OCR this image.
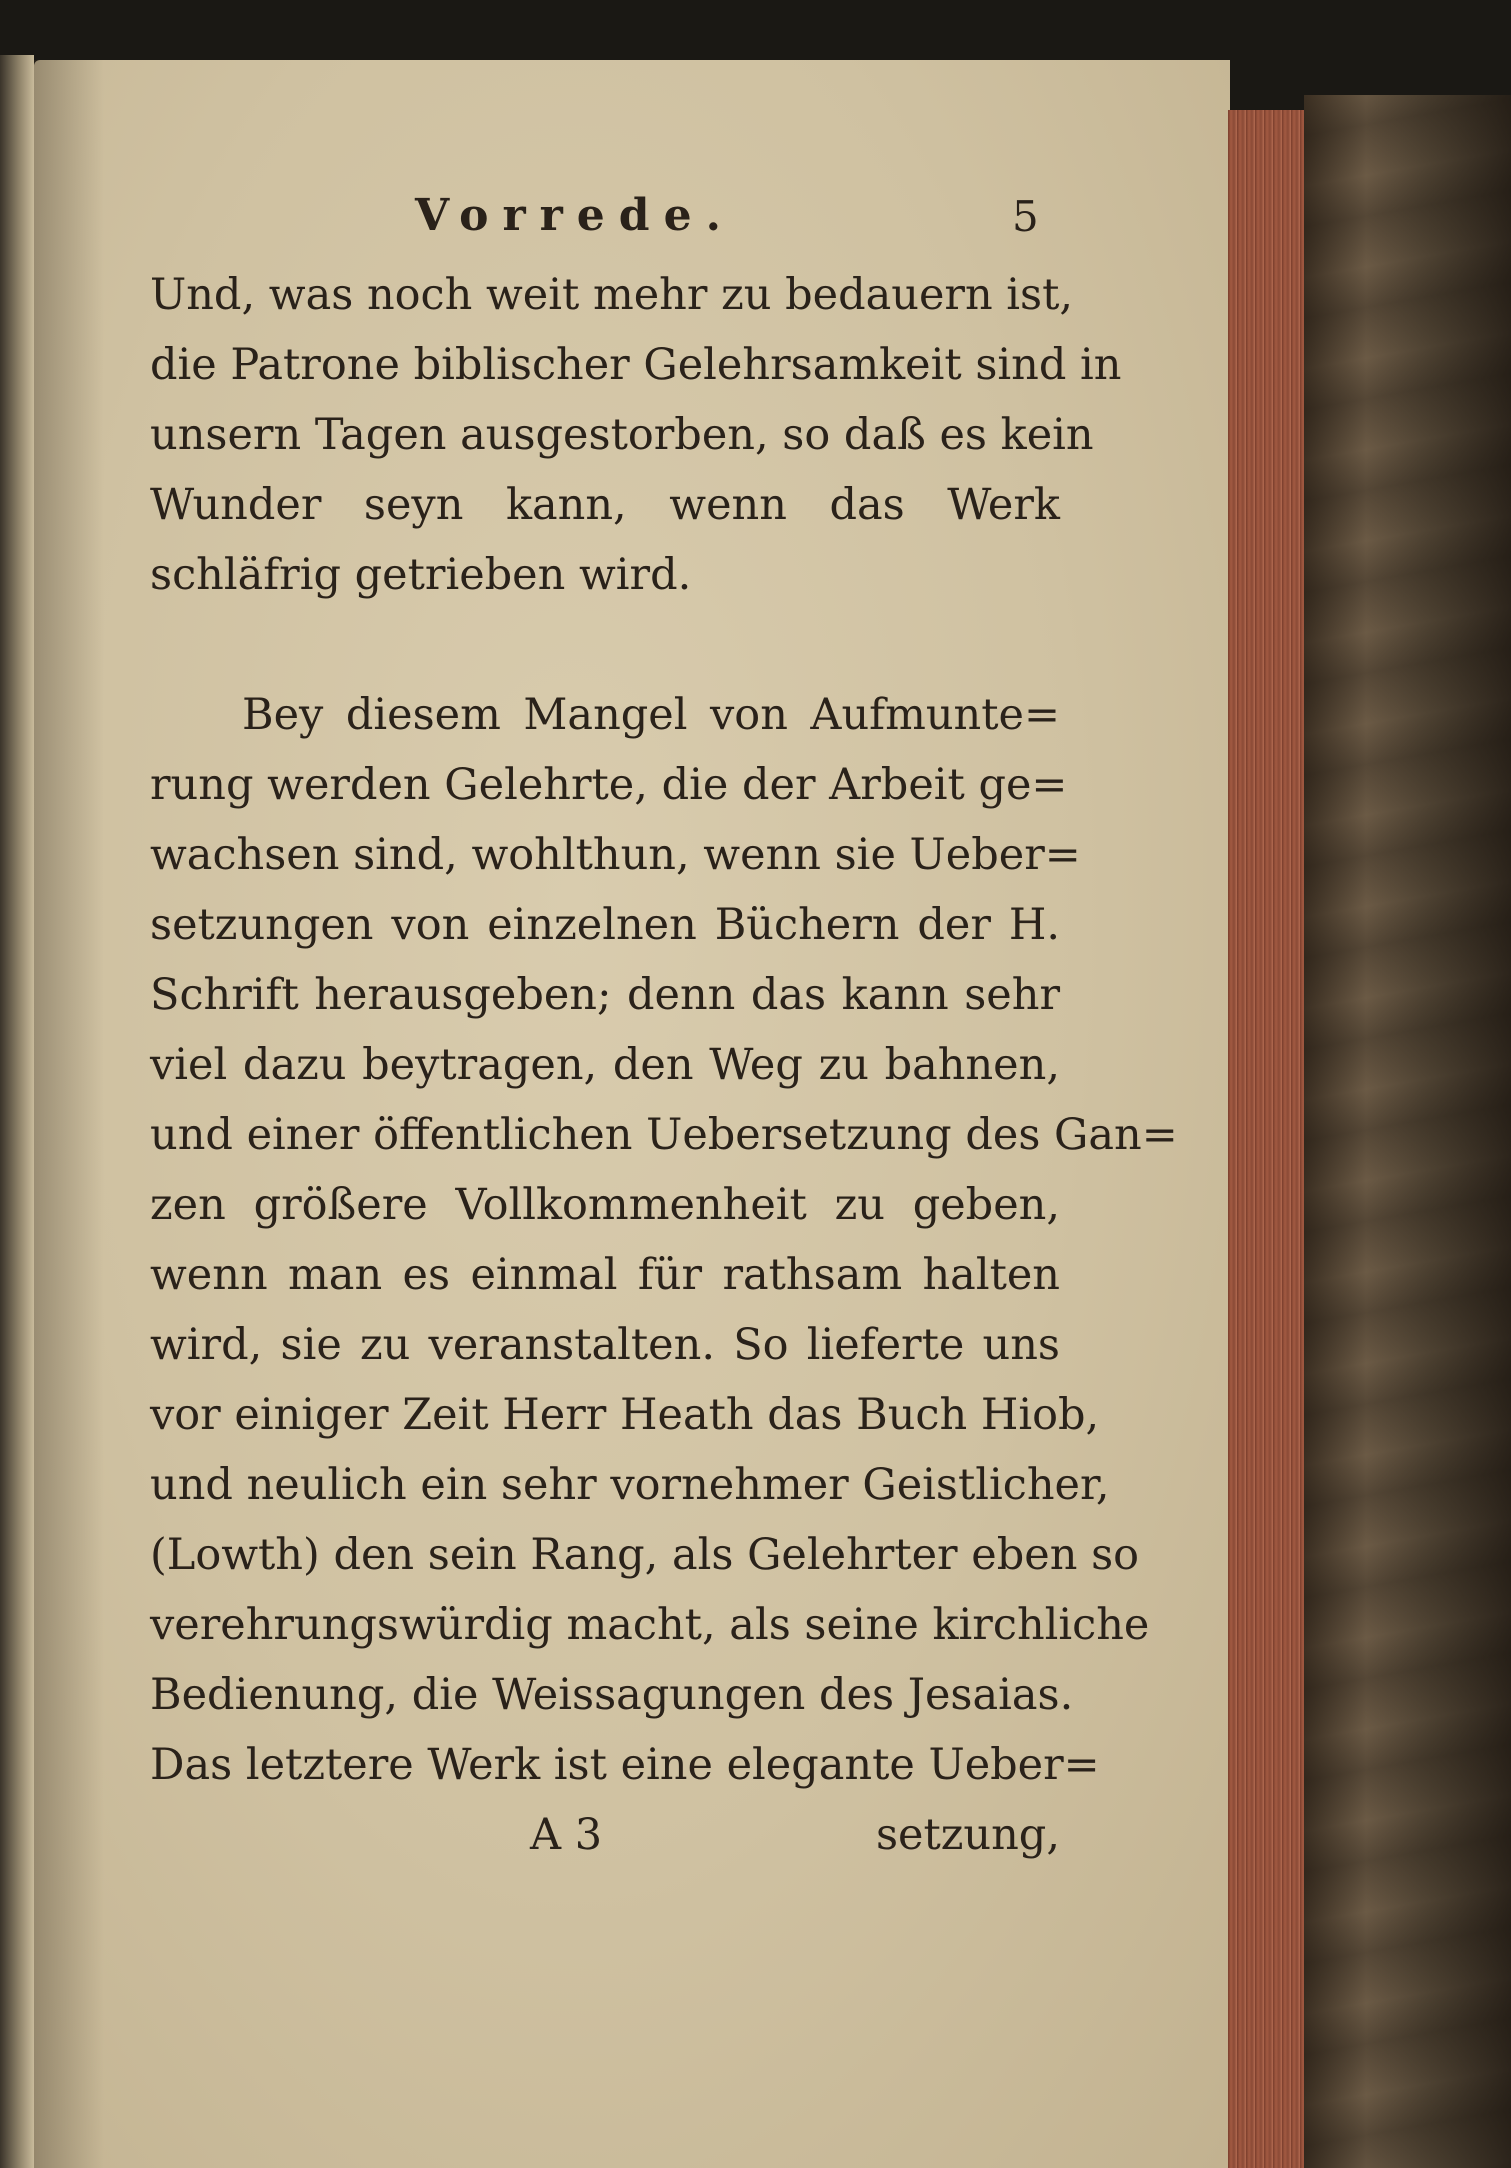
Vorrede.	5
Und, was noch weit mehr zu bedauern ist,
die Patrone biblischer Gelehrsamkeit sind in
unsern Tagen ausgestorben, so daß es kein
Wunder seyn kann, wenn das Werk
schläfrig getrieben wird.
Bey diesem Mangel von Aufmunte=
rung werden Gelehrte, die der Arbeit ge=
wachsen sind, wohlthun, wenn sie Ueber=
setzungen von einzelnen Büchern der H.
Schrift herausgeben; denn das kann sehr
viel dazu beytragen, den Weg zu bahnen,
und einer öffentlichen Uebersetzung des Gan=
zen größere Vollkommenheit zu geben,
wenn man es einmal für rathsam halten
wird, sie zu veranstalten. So lieferte uns
vor einiger Zeit Herr Heath das Buch Hiob,
und neulich ein sehr vornehmer Geistlicher,
(Lowth) den sein Rang, als Gelehrter eben so
verehrungswürdig macht, als seine kirchliche
Bedienung, die Weissagungen des Jesaias.
Das letztere Werk ist eine elegante Ueber=
A 3	setzung,
